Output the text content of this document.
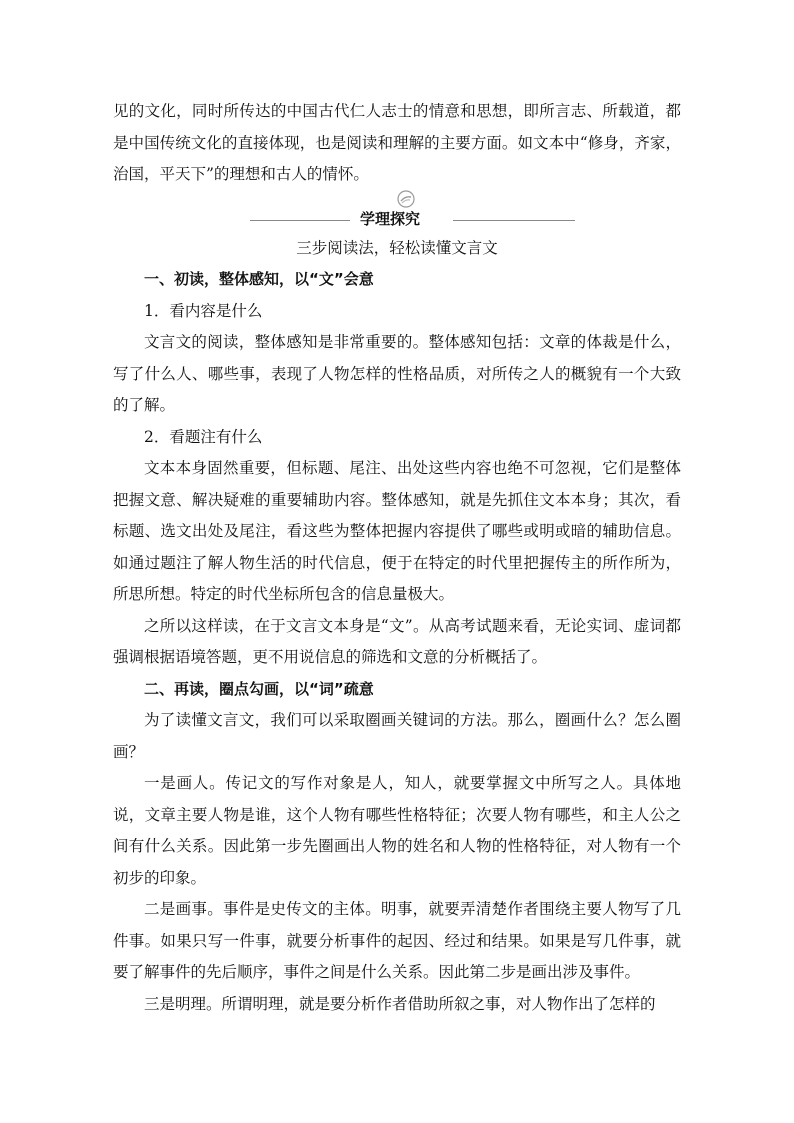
见的文化，同时所传达的中国古代仁人志士的情意和思想，即所言志、所载道，都是中国传统文化的直接体现，也是阅读和理解的主要方面。如文本中“修身，齐家，治国，平天下”的理想和古人的情怀。

学理探究

三步阅读法，轻松读懂文言文

一、初读，整体感知，以“文”会意

1．看内容是什么

文言文的阅读，整体感知是非常重要的。整体感知包括：文章的体裁是什么，写了什么人、哪些事，表现了人物怎样的性格品质，对所传之人的概貌有一个大致的了解。

2．看题注有什么

文本本身固然重要，但标题、尾注、出处这些内容也绝不可忽视，它们是整体把握文意、解决疑难的重要辅助内容。整体感知，就是先抓住文本本身；其次，看标题、选文出处及尾注，看这些为整体把握内容提供了哪些或明或暗的辅助信息。如通过题注了解人物生活的时代信息，便于在特定的时代里把握传主的所作所为，所思所想。特定的时代坐标所包含的信息量极大。

之所以这样读，在于文言文本身是“文”。从高考试题来看，无论实词、虚词都强调根据语境答题，更不用说信息的筛选和文意的分析概括了。

二、再读，圈点勾画，以“词”疏意

为了读懂文言文，我们可以采取圈画关键词的方法。那么，圈画什么？怎么圈画？

一是画人。传记文的写作对象是人，知人，就要掌握文中所写之人。具体地说，文章主要人物是谁，这个人物有哪些性格特征；次要人物有哪些，和主人公之间有什么关系。因此第一步先圈画出人物的姓名和人物的性格特征，对人物有一个初步的印象。

二是画事。事件是史传文的主体。明事，就要弄清楚作者围绕主要人物写了几件事。如果只写一件事，就要分析事件的起因、经过和结果。如果是写几件事，就要了解事件的先后顺序，事件之间是什么关系。因此第二步是画出涉及事件。

三是明理。所谓明理，就是要分析作者借助所叙之事，对人物作出了怎样的
